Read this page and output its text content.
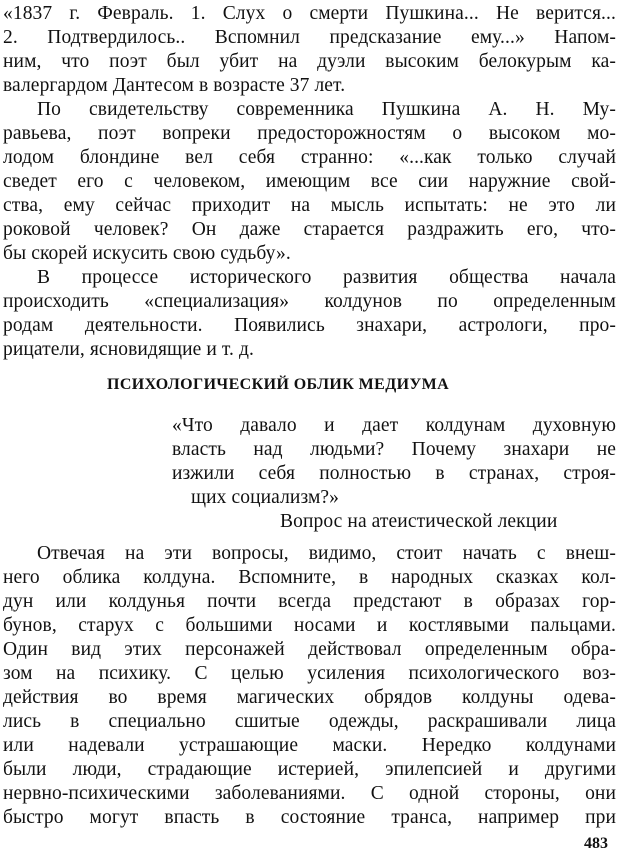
«1837 г. Февраль. 1. Слух о смерти Пушкина... Не верится...
2. Подтвердилось.. Вспомнил предсказание ему...» Напом-
ним, что поэт был убит на дуэли высоким белокурым ка-
валергардом Дантесом в возрасте 37 лет.
По свидетельству современника Пушкина А. Н. Му-
равьева, поэт вопреки предосторожностям о высоком мо-
лодом блондине вел себя странно: «...как только случай
сведет его с человеком, имеющим все сии наружние свой-
ства, ему сейчас приходит на мысль испытать: не это ли
роковой человек? Он даже старается раздражить его, что-
бы скорей искусить свою судьбу».
В процессе исторического развития общества начала
происходить «специализация» колдунов по определенным
родам деятельности. Появились знахари, астрологи, про-
рицатели, ясновидящие и т. д.
ПСИХОЛОГИЧЕСКИЙ ОБЛИК МЕДИУМА
«Что давало и дает колдунам духовную
власть над людьми? Почему знахари не
изжили себя полностью в странах, строя-
щих социализм?»
Вопрос на атеистической лекции
Отвечая на эти вопросы, видимо, стоит начать с внеш-
него облика колдуна. Вспомните, в народных сказках кол-
дун или колдунья почти всегда предстают в образах гор-
бунов, старух с большими носами и костлявыми пальцами.
Один вид этих персонажей действовал определенным обра-
зом на психику. С целью усиления психологического воз-
действия во время магических обрядов колдуны одева-
лись в специально сшитые одежды, раскрашивали лица
или надевали устрашающие маски. Нередко колдунами
были люди, страдающие истерией, эпилепсией и другими
нервно-психическими заболеваниями. С одной стороны, они
быстро могут впасть в состояние транса, например при
483
